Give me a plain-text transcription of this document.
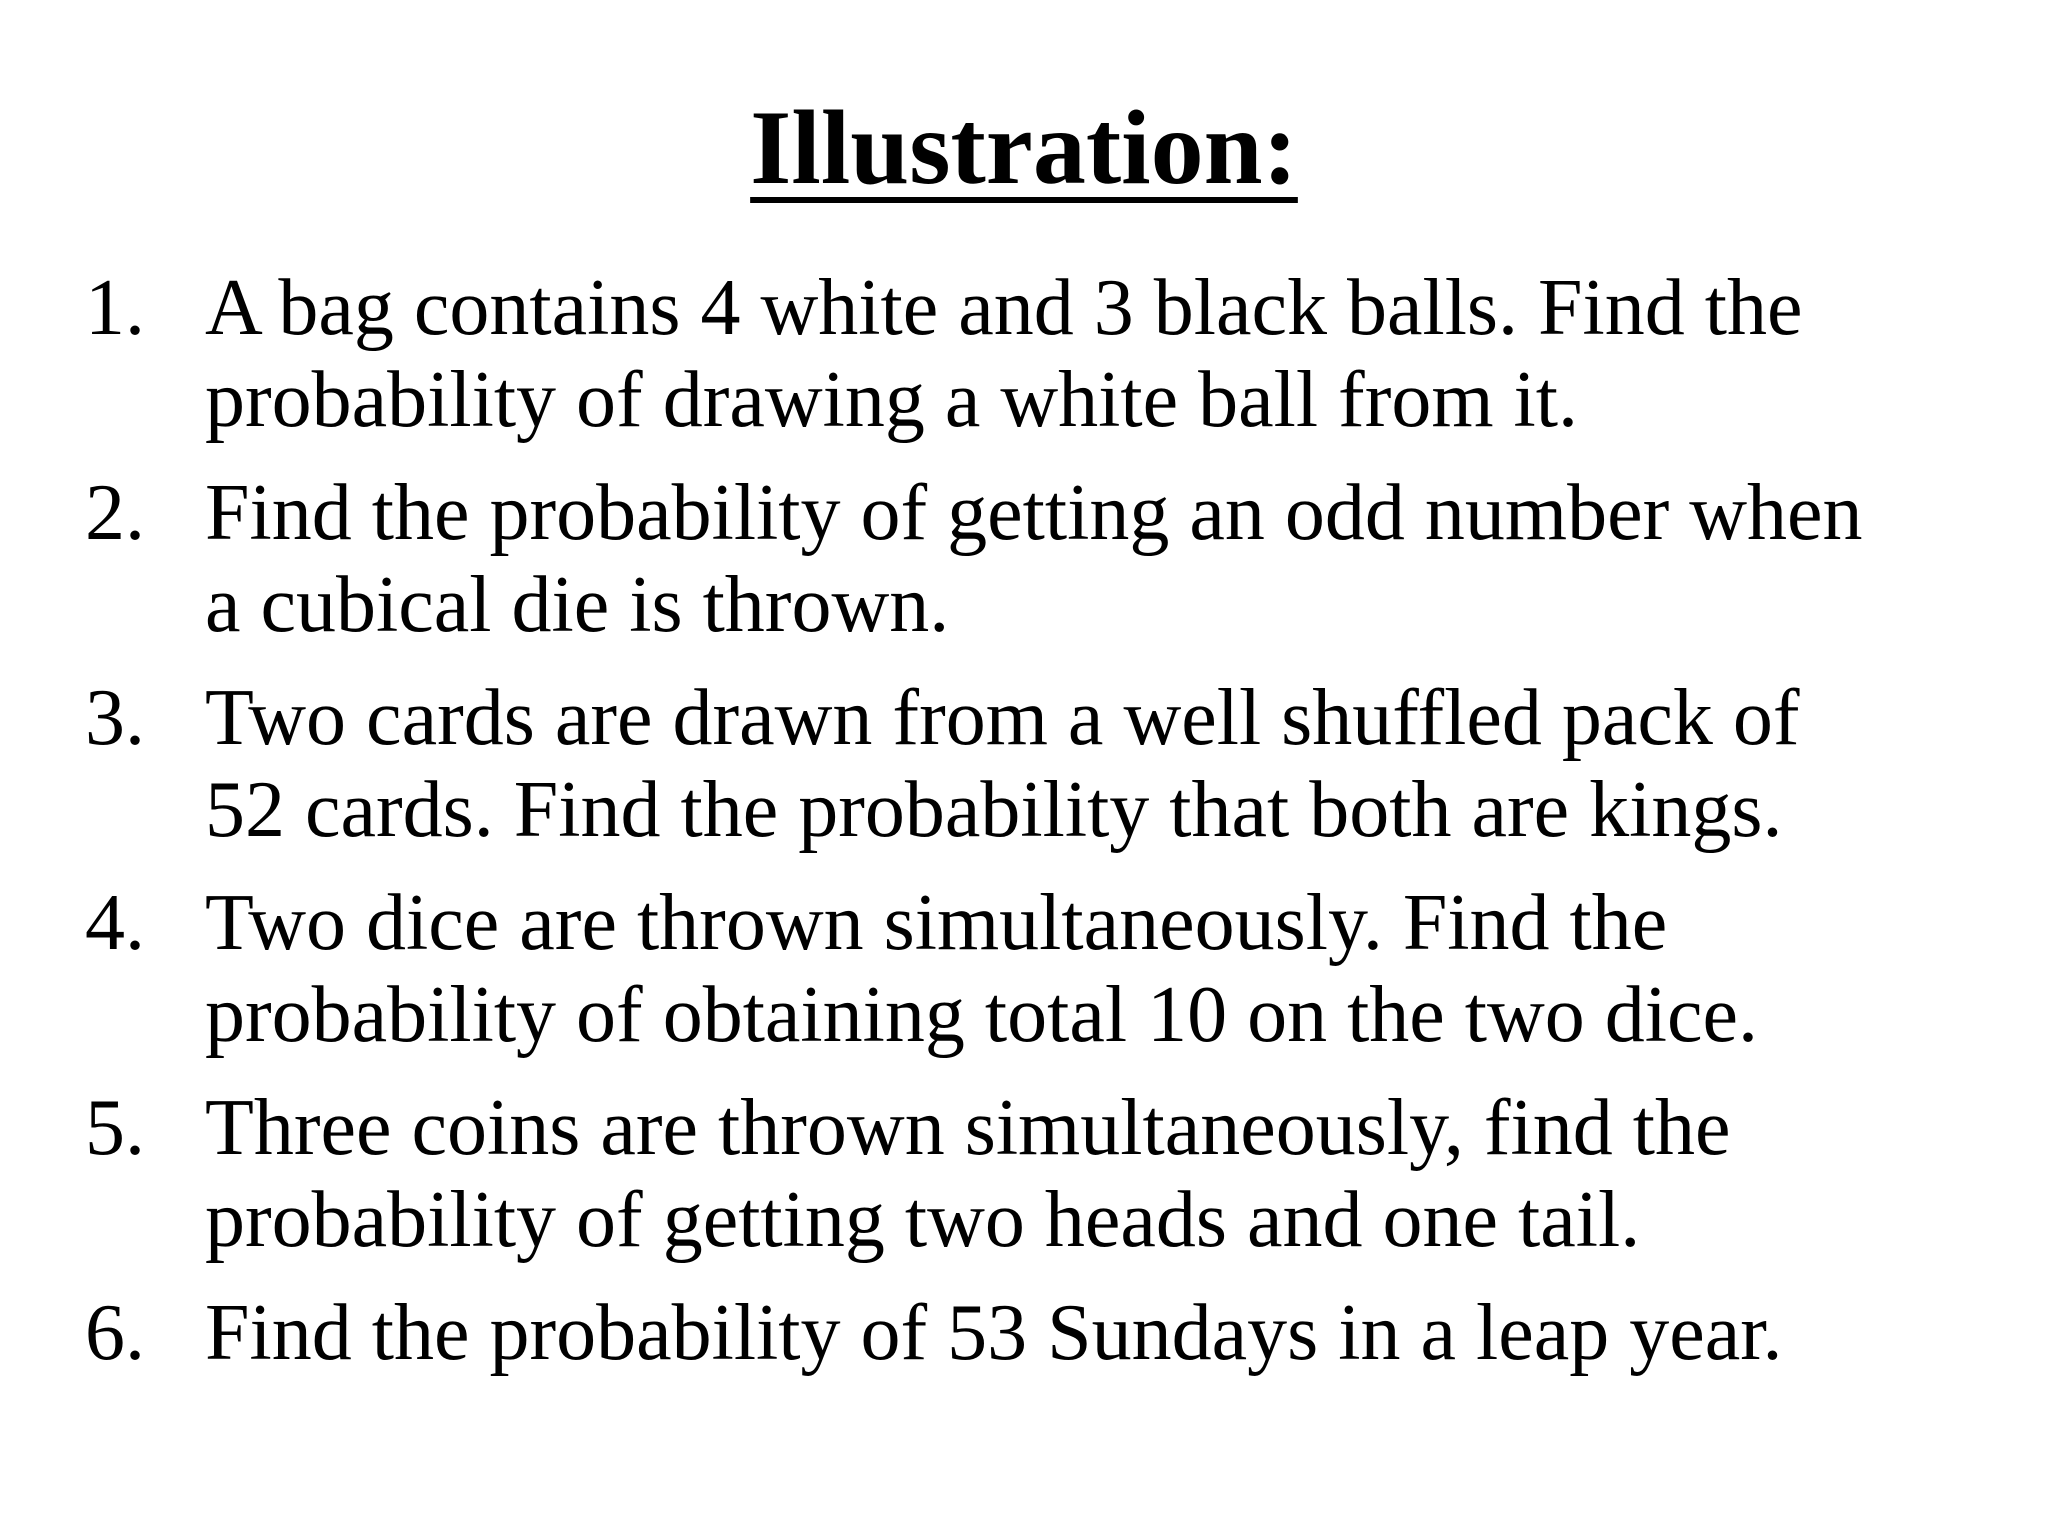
Illustration:
1. A bag contains 4 white and 3 black balls. Find the
probability of drawing a white ball from it.
2. Find the probability of getting an odd number when
a cubical die is thrown.
3. Two cards are drawn from a well shuffled pack of
52 cards. Find the probability that both are kings.
4. Two dice are thrown simultaneously. Find the
probability of obtaining total 10 on the two dice.
5. Three coins are thrown simultaneously, find the
probability of getting two heads and one tail.
6. Find the probability of 53 Sundays in a leap year.
